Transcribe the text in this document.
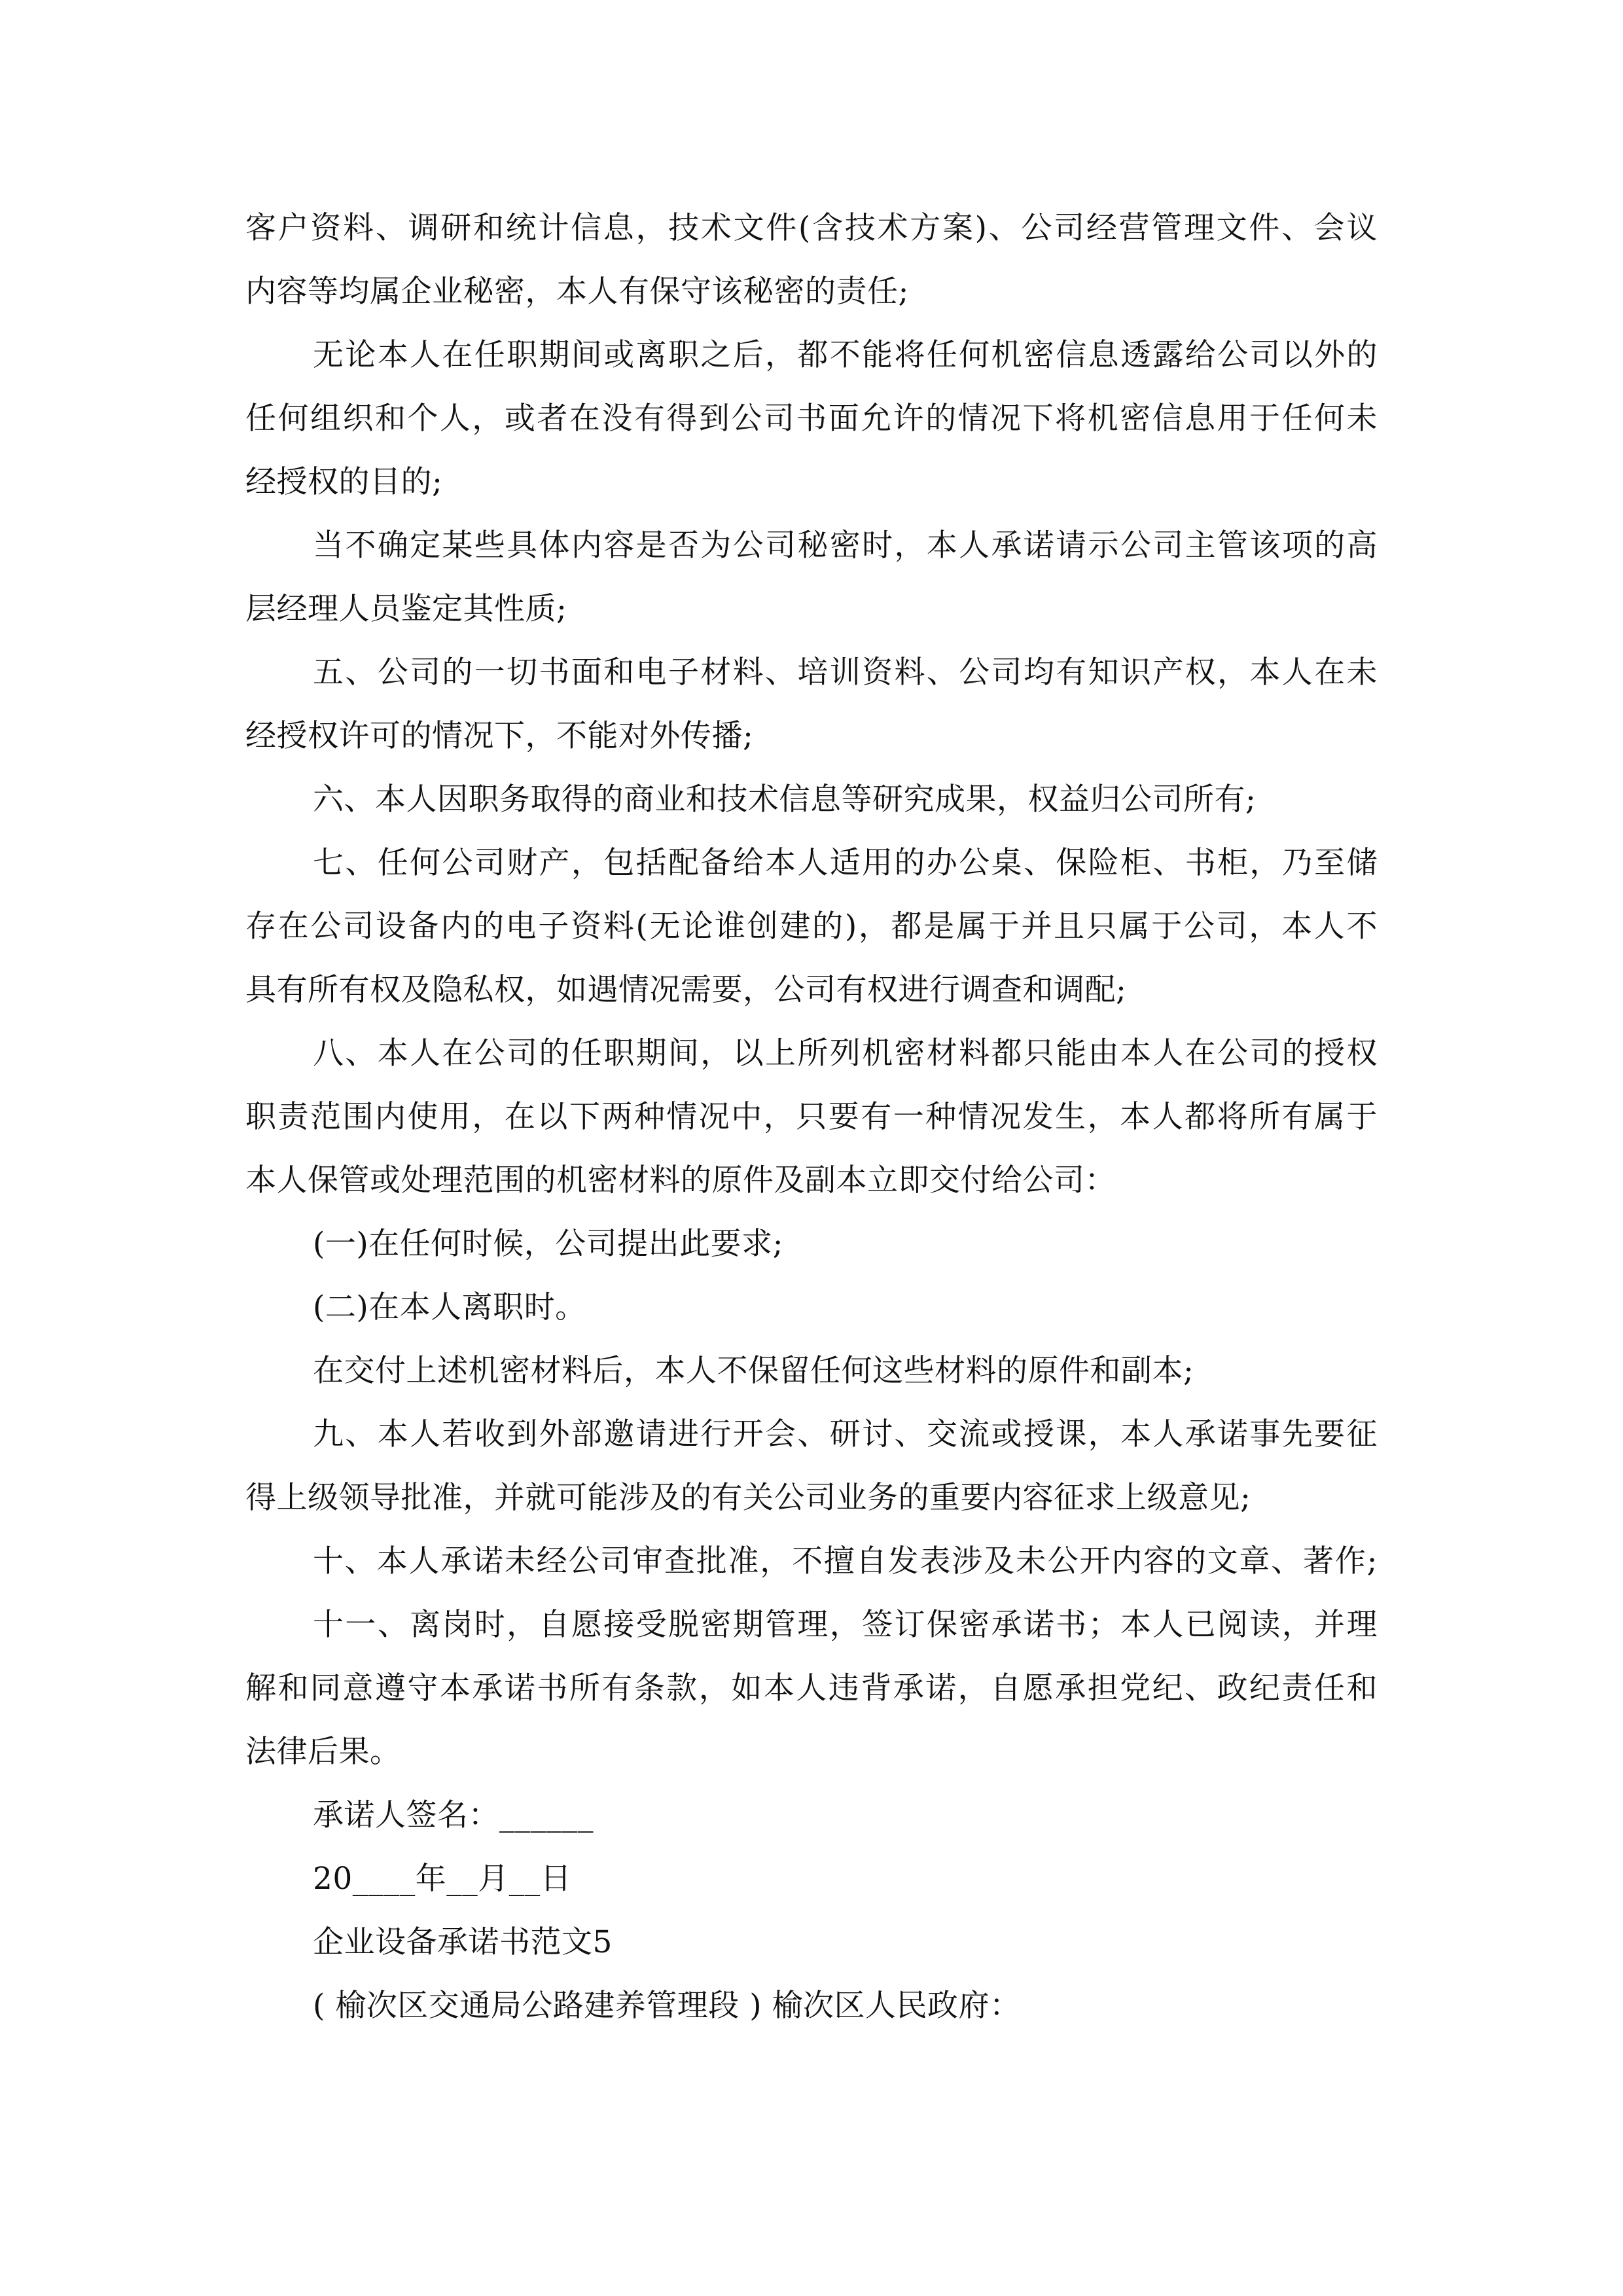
客户资料、调研和统计信息，技术文件(含技术方案)、公司经营管理文件、会议
内容等均属企业秘密，本人有保守该秘密的责任;
无论本人在任职期间或离职之后，都不能将任何机密信息透露给公司以外的
任何组织和个人，或者在没有得到公司书面允许的情况下将机密信息用于任何未
经授权的目的;
当不确定某些具体内容是否为公司秘密时，本人承诺请示公司主管该项的高
层经理人员鉴定其性质;
五、公司的一切书面和电子材料、培训资料、公司均有知识产权，本人在未
经授权许可的情况下，不能对外传播;
六、本人因职务取得的商业和技术信息等研究成果，权益归公司所有;
七、任何公司财产，包括配备给本人适用的办公桌、保险柜、书柜，乃至储
存在公司设备内的电子资料(无论谁创建的)，都是属于并且只属于公司，本人不
具有所有权及隐私权，如遇情况需要，公司有权进行调查和调配;
八、本人在公司的任职期间，以上所列机密材料都只能由本人在公司的授权
职责范围内使用，在以下两种情况中，只要有一种情况发生，本人都将所有属于
本人保管或处理范围的机密材料的原件及副本立即交付给公司：
(一)在任何时候，公司提出此要求;
(二)在本人离职时。
在交付上述机密材料后，本人不保留任何这些材料的原件和副本;
九、本人若收到外部邀请进行开会、研讨、交流或授课，本人承诺事先要征
得上级领导批准，并就可能涉及的有关公司业务的重要内容征求上级意见;
十、本人承诺未经公司审查批准，不擅自发表涉及未公开内容的文章、著作;
十一、离岗时，自愿接受脱密期管理，签订保密承诺书；本人已阅读，并理
解和同意遵守本承诺书所有条款，如本人违背承诺，自愿承担党纪、政纪责任和
法律后果。
承诺人签名：______
20____年__月__日
企业设备承诺书范文5
( 榆次区交通局公路建养管理段 ) 榆次区人民政府：
